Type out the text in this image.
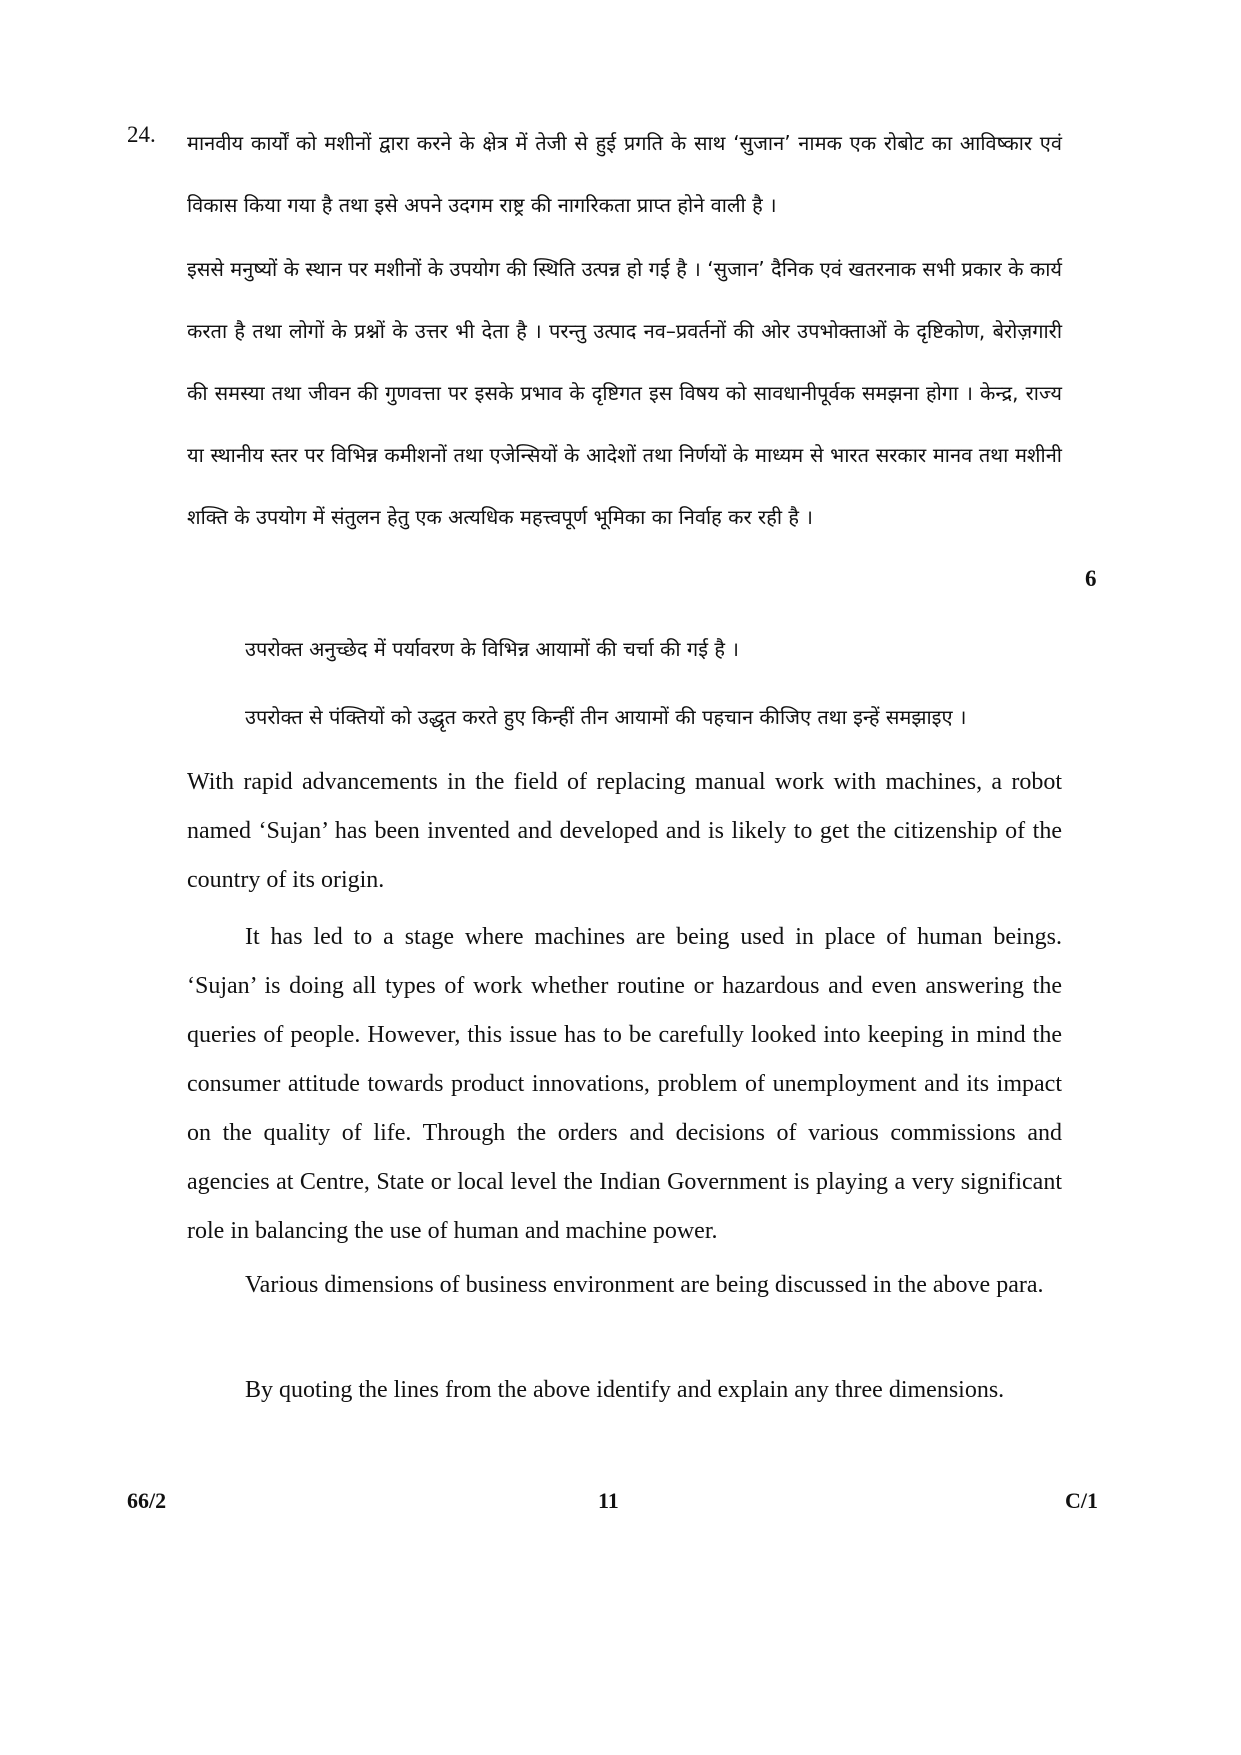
24. मानवीय कार्यों को मशीनों द्वारा करने के क्षेत्र में तेजी से हुई प्रगति के साथ ‘सुजान’ नामक एक रोबोट का आविष्कार एवं विकास किया गया है तथा इसे अपने उदगम राष्ट्र की नागरिकता प्राप्त होने वाली है ।

इससे मनुष्यों के स्थान पर मशीनों के उपयोग की स्थिति उत्पन्न हो गई है । ‘सुजान’ दैनिक एवं खतरनाक सभी प्रकार के कार्य करता है तथा लोगों के प्रश्नों के उत्तर भी देता है । परन्तु उत्पाद नव–प्रवर्तनों की ओर उपभोक्ताओं के दृष्टिकोण, बेरोज़गारी की समस्या तथा जीवन की गुणवत्ता पर इसके प्रभाव के दृष्टिगत इस विषय को सावधानीपूर्वक समझना होगा । केन्द्र, राज्य या स्थानीय स्तर पर विभिन्न कमीशनों तथा एजेन्सियों के आदेशों तथा निर्णयों के माध्यम से भारत सरकार मानव तथा मशीनी शक्ति के उपयोग में संतुलन हेतु एक अत्यधिक महत्त्वपूर्ण भूमिका का निर्वाह कर रही है ।

6

उपरोक्त अनुच्छेद में पर्यावरण के विभिन्न आयामों की चर्चा की गई है ।

उपरोक्त से पंक्तियों को उद्धृत करते हुए किन्हीं तीन आयामों की पहचान कीजिए तथा इन्हें समझाइए ।

With rapid advancements in the field of replacing manual work with machines, a robot named ‘Sujan’ has been invented and developed and is likely to get the citizenship of the country of its origin.

It has led to a stage where machines are being used in place of human beings. ‘Sujan’ is doing all types of work whether routine or hazardous and even answering the queries of people. However, this issue has to be carefully looked into keeping in mind the consumer attitude towards product innovations, problem of unemployment and its impact on the quality of life. Through the orders and decisions of various commissions and agencies at Centre, State or local level the Indian Government is playing a very significant role in balancing the use of human and machine power.

Various dimensions of business environment are being discussed in the above para.

By quoting the lines from the above identify and explain any three dimensions.

66/2	11	C/1
